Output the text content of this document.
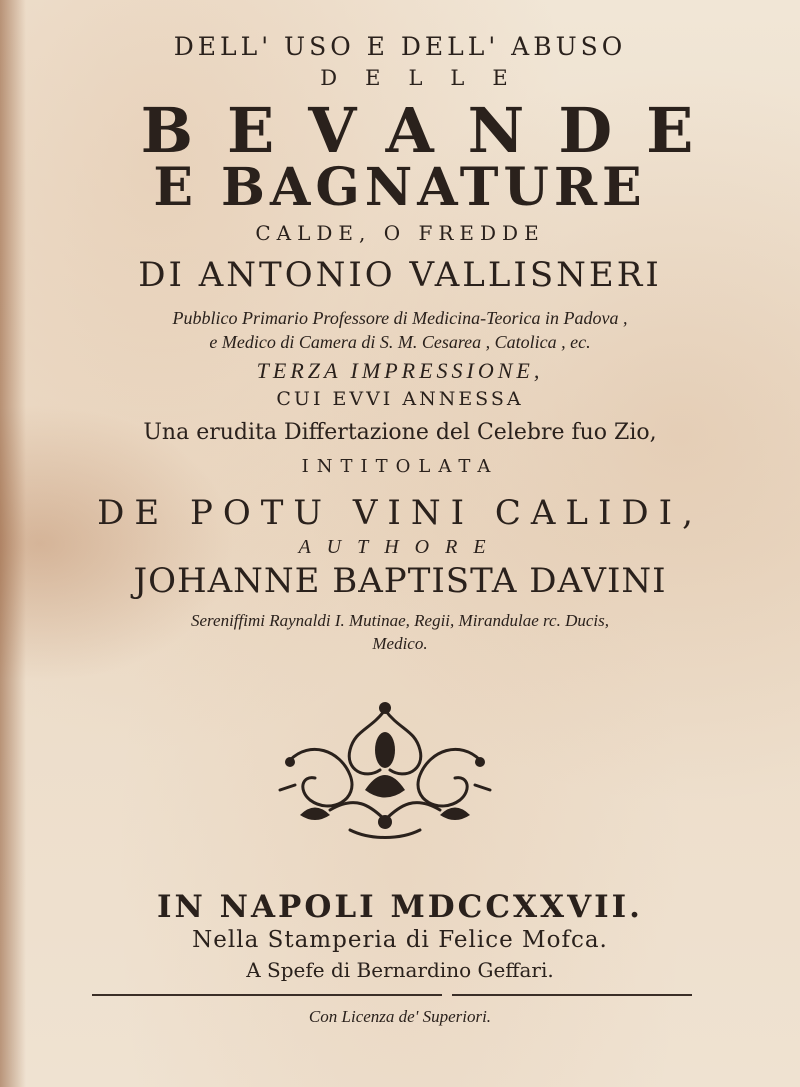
DELL' USO E DELL' ABUSO
DELLE
BEVANDE
E BAGNATURE
CALDE, O FREDDE
DI ANTONIO VALLISNERI
Pubblico Primario Professore di Medicina-Teorica in Padova ,
e Medico di Camera di S. M. Cesarea , Catolica , ec.
TERZA IMPRESSIONE,
CUI EVVI ANNESSA
Una erudita Differtazione del Celebre fuo Zio,
INTITOLATA
DE POTU VINI CALIDI,
AUTHORE
JOHANNE BAPTISTA DAVINI
Sereniffimi Raynaldi I. Mutinae, Regii, Mirandulae rc. Ducis,
Medico.
IN NAPOLI MDCCXXVII.
Nella Stamperia di Felice Mofca.
A Spefe di Bernardino Geffari.
Con Licenza de' Superiori.
